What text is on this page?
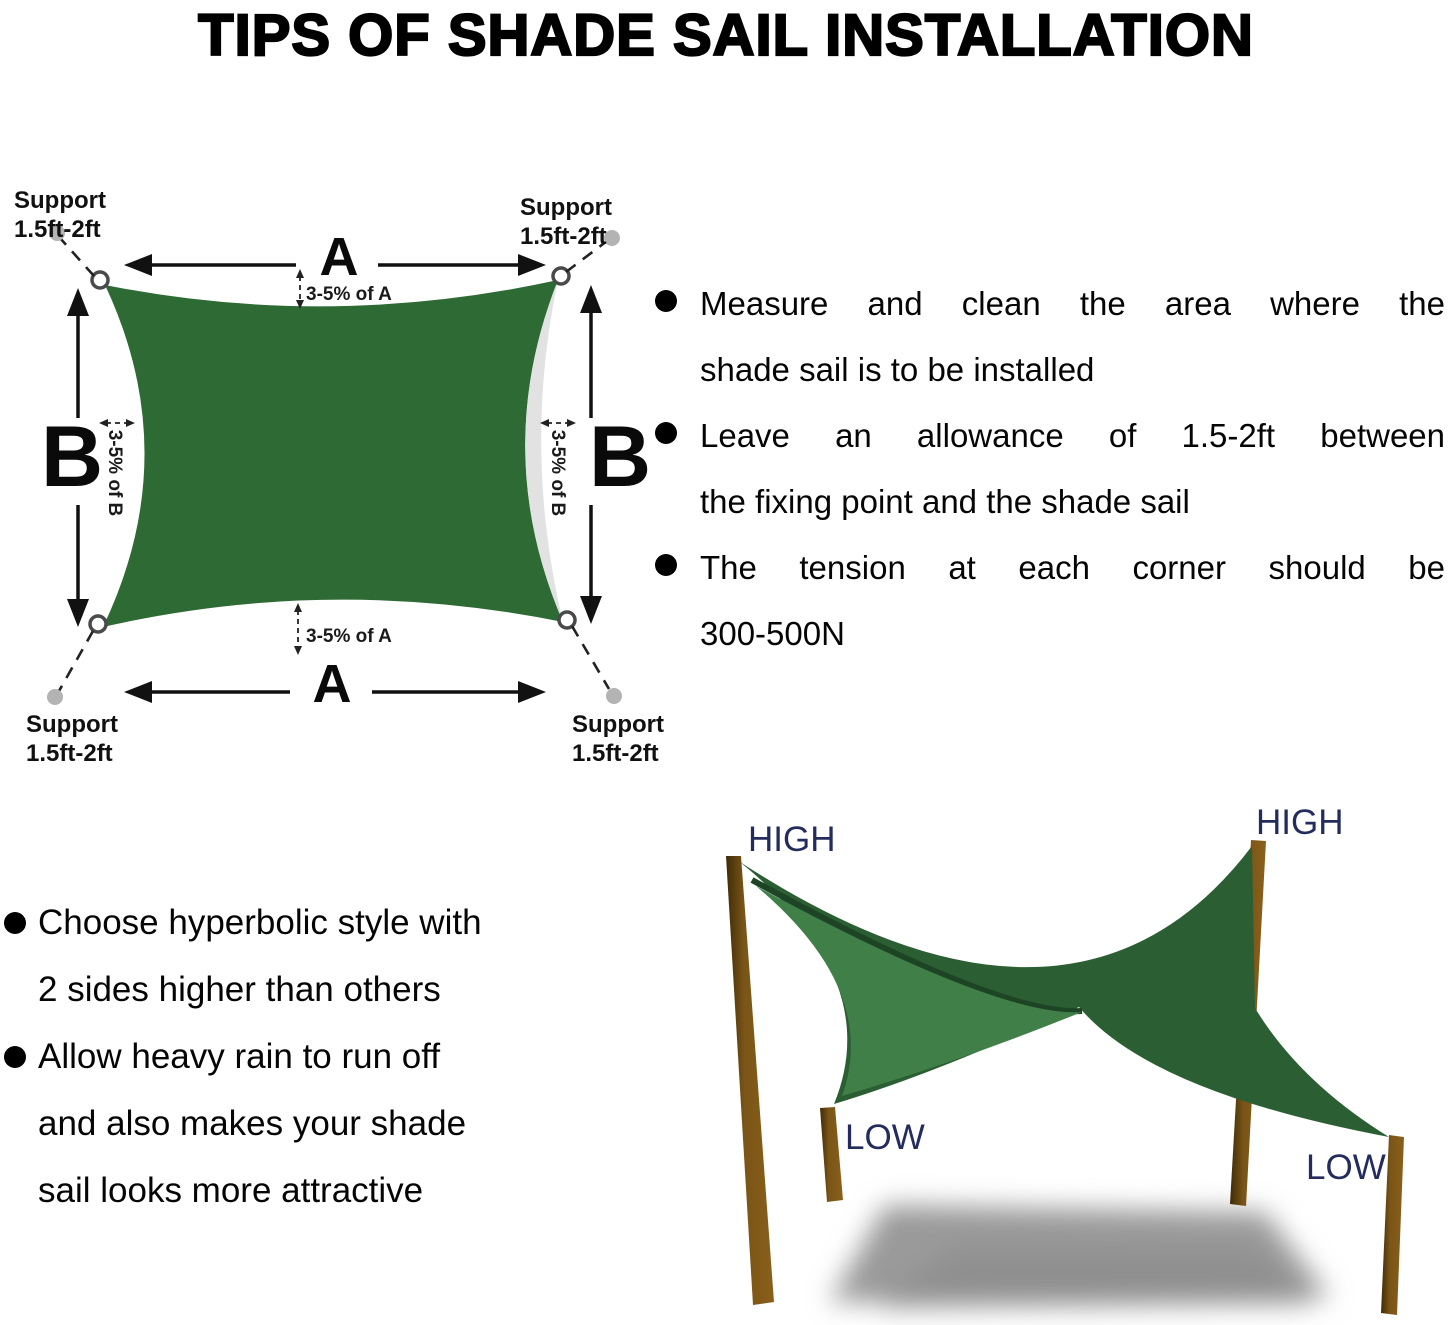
TIPS OF SHADE SAIL INSTALLATION
Support
1.5ft-2ft
Support
1.5ft-2ft
Support
1.5ft-2ft
Support
1.5ft-2ft
A
A
B	B
3-5% of A
3-5% of A
3-5% of B	3-5% of B
Measure and clean the area where the
shade sail is to be installed
Leave an allowance of 1.5-2ft between
the fixing point and the shade sail
The tension at each corner should be
300-500N
Choose hyperbolic style with
2 sides higher than others
Allow heavy rain to run off
and also makes your shade
sail looks more attractive
HIGH	HIGH
LOW
LOW
